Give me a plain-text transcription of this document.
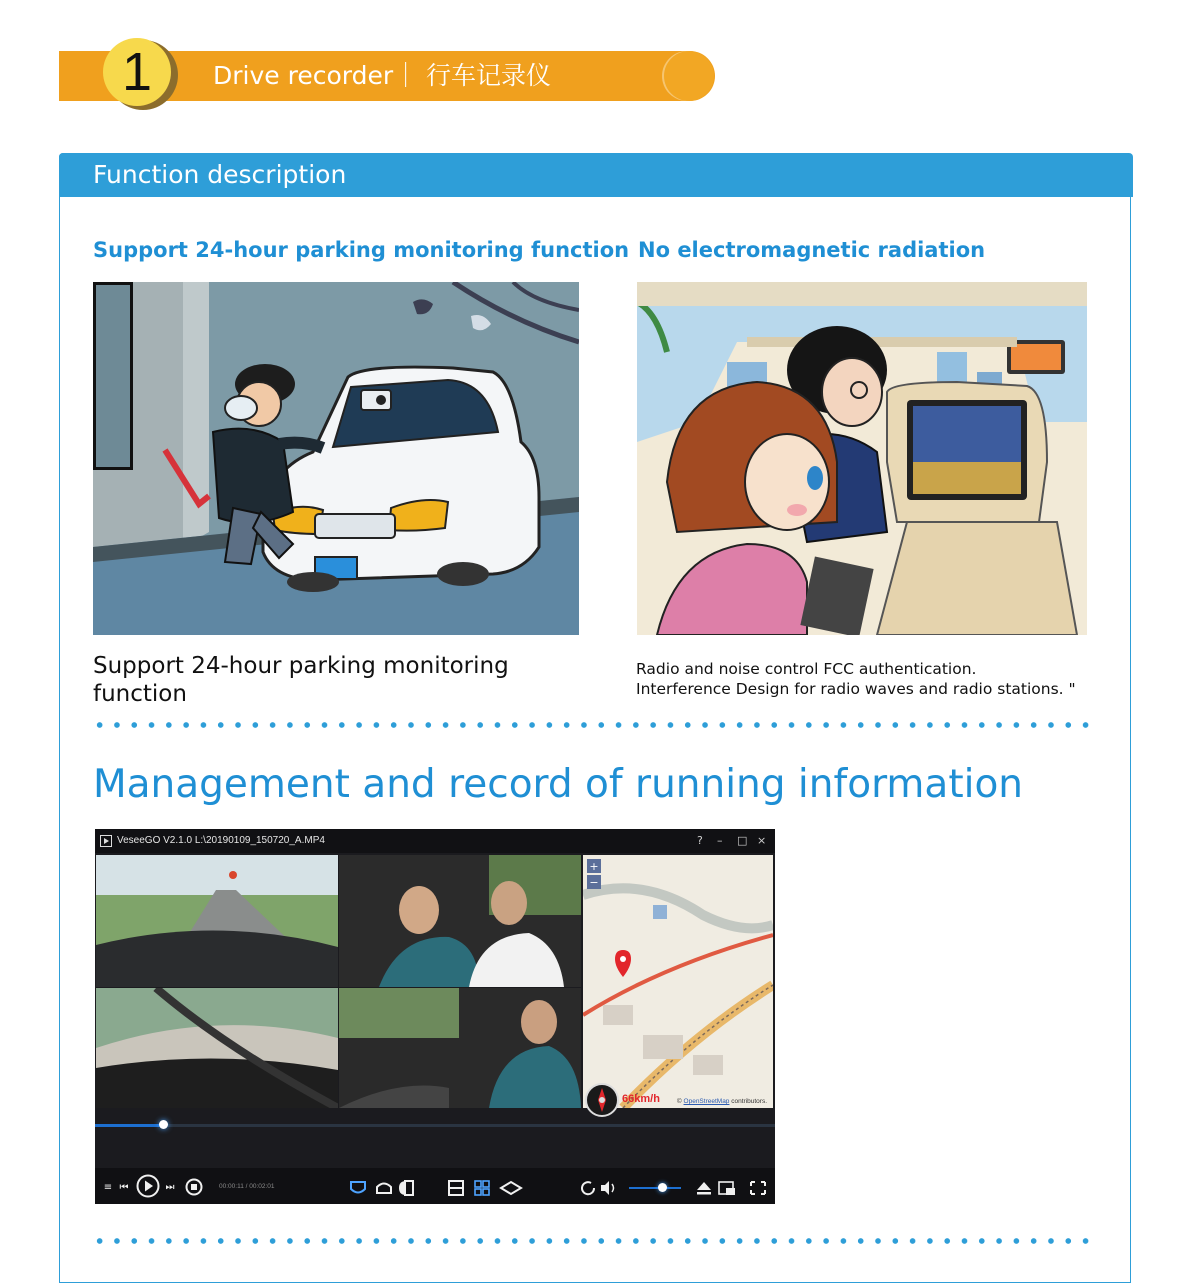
1	Drive recorder｜ 行车记录仪
Function description
Support 24-hour parking monitoring function No electromagnetic radiation
Support 24-hour parking monitoring function
Radio and noise control FCC authentication.
Interference Design for radio waves and radio stations. "
Management and record of running information
VeseeGO V2.1.0 L:\20190109_150720_A.MP4	? – □ ×
+
−
© OpenStreetMap contributors.
66km/h
≡ ⏮	⏭	00:00:11 / 00:02:01
